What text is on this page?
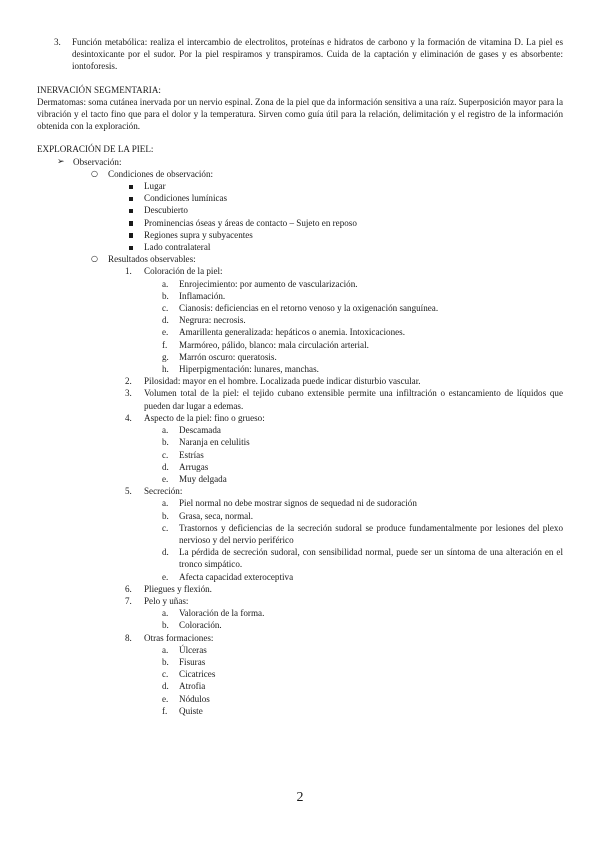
3. Función metabólica: realiza el intercambio de electrolitos, proteínas e hidratos de carbono y la formación de vitamina D. La piel es desintoxicante por el sudor. Por la piel respiramos y transpiramos. Cuida de la captación y eliminación de gases y es absorbente: iontoforesis.
INERVACIÓN SEGMENTARIA:
Dermatomas: soma cutánea inervada por un nervio espinal. Zona de la piel que da información sensitiva a una raíz. Superposición mayor para la vibración y el tacto fino que para el dolor y la temperatura. Sirven como guía útil para la relación, delimitación y el registro de la información obtenida con la exploración.
EXPLORACIÓN DE LA PIEL:
➢ Observación:
○ Condiciones de observación:
Lugar
Condiciones lumínicas
Descubierto
Prominencias óseas y áreas de contacto – Sujeto en reposo
Regiones supra y subyacentes
Lado contralateral
○ Resultados observables:
1. Coloración de la piel:
a. Enrojecimiento: por aumento de vascularización.
b. Inflamación.
c. Cianosis: deficiencias en el retorno venoso y la oxigenación sanguínea.
d. Negrura: necrosis.
e. Amarillenta generalizada: hepáticos o anemia. Intoxicaciones.
f. Marmóreo, pálido, blanco: mala circulación arterial.
g. Marrón oscuro: queratosis.
h. Hiperpigmentación: lunares, manchas.
2. Pilosidad: mayor en el hombre. Localizada puede indicar disturbio vascular.
3. Volumen total de la piel: el tejido cubano extensible permite una infiltración o estancamiento de líquidos que pueden dar lugar a edemas.
4. Aspecto de la piel: fino o grueso:
a. Descamada
b. Naranja en celulitis
c. Estrías
d. Arrugas
e. Muy delgada
5. Secreción:
a. Piel normal no debe mostrar signos de sequedad ni de sudoración
b. Grasa, seca, normal.
c. Trastornos y deficiencias de la secreción sudoral se produce fundamentalmente por lesiones del plexo nervioso y del nervio periférico
d. La pérdida de secreción sudoral, con sensibilidad normal, puede ser un síntoma de una alteración en el tronco simpático.
e. Afecta capacidad exteroceptiva
6. Pliegues y flexión.
7. Pelo y uñas:
a. Valoración de la forma.
b. Coloración.
8. Otras formaciones:
a. Úlceras
b. Fisuras
c. Cicatrices
d. Atrofia
e. Nódulos
f. Quiste
2
